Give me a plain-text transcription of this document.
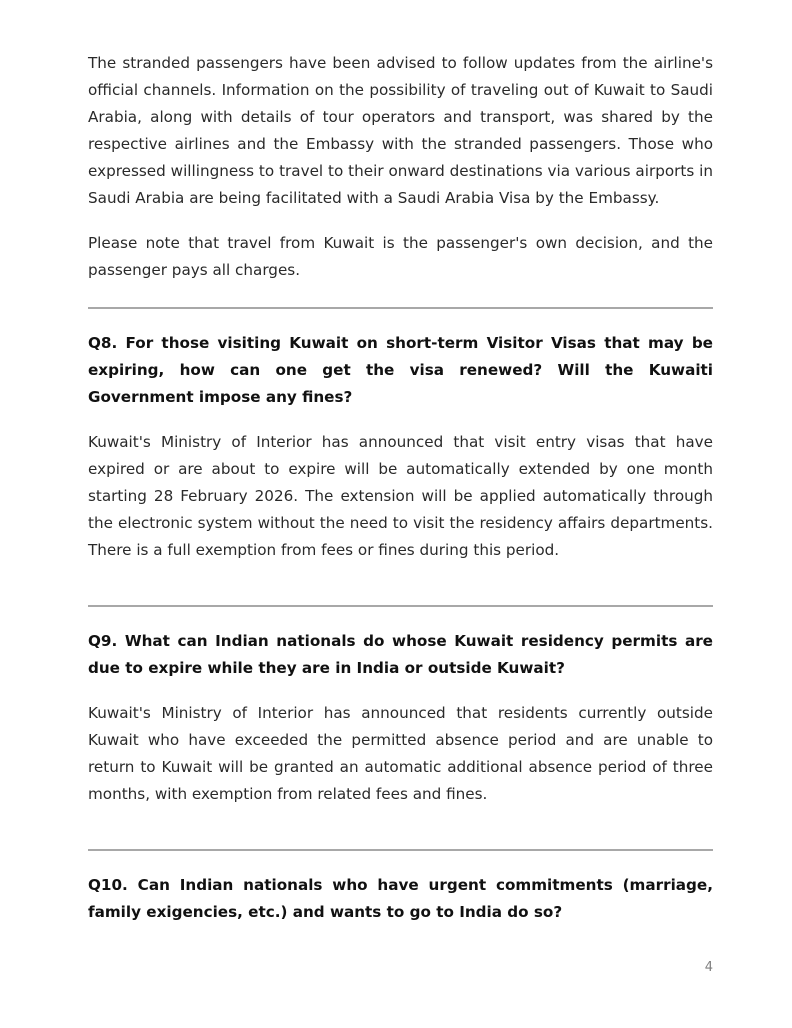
The stranded passengers have been advised to follow updates from the airline's official channels. Information on the possibility of traveling out of Kuwait to Saudi Arabia, along with details of tour operators and transport, was shared by the respective airlines and the Embassy with the stranded passengers. Those who expressed willingness to travel to their onward destinations via various airports in Saudi Arabia are being facilitated with a Saudi Arabia Visa by the Embassy.

Please note that travel from Kuwait is the passenger's own decision, and the passenger pays all charges.

Q8. For those visiting Kuwait on short-term Visitor Visas that may be expiring, how can one get the visa renewed? Will the Kuwaiti Government impose any fines?

Kuwait's Ministry of Interior has announced that visit entry visas that have expired or are about to expire will be automatically extended by one month starting 28 February 2026. The extension will be applied automatically through the electronic system without the need to visit the residency affairs departments. There is a full exemption from fees or fines during this period.

Q9. What can Indian nationals do whose Kuwait residency permits are due to expire while they are in India or outside Kuwait?

Kuwait's Ministry of Interior has announced that residents currently outside Kuwait who have exceeded the permitted absence period and are unable to return to Kuwait will be granted an automatic additional absence period of three months, with exemption from related fees and fines.

Q10. Can Indian nationals who have urgent commitments (marriage, family exigencies, etc.) and wants to go to India do so?

4
